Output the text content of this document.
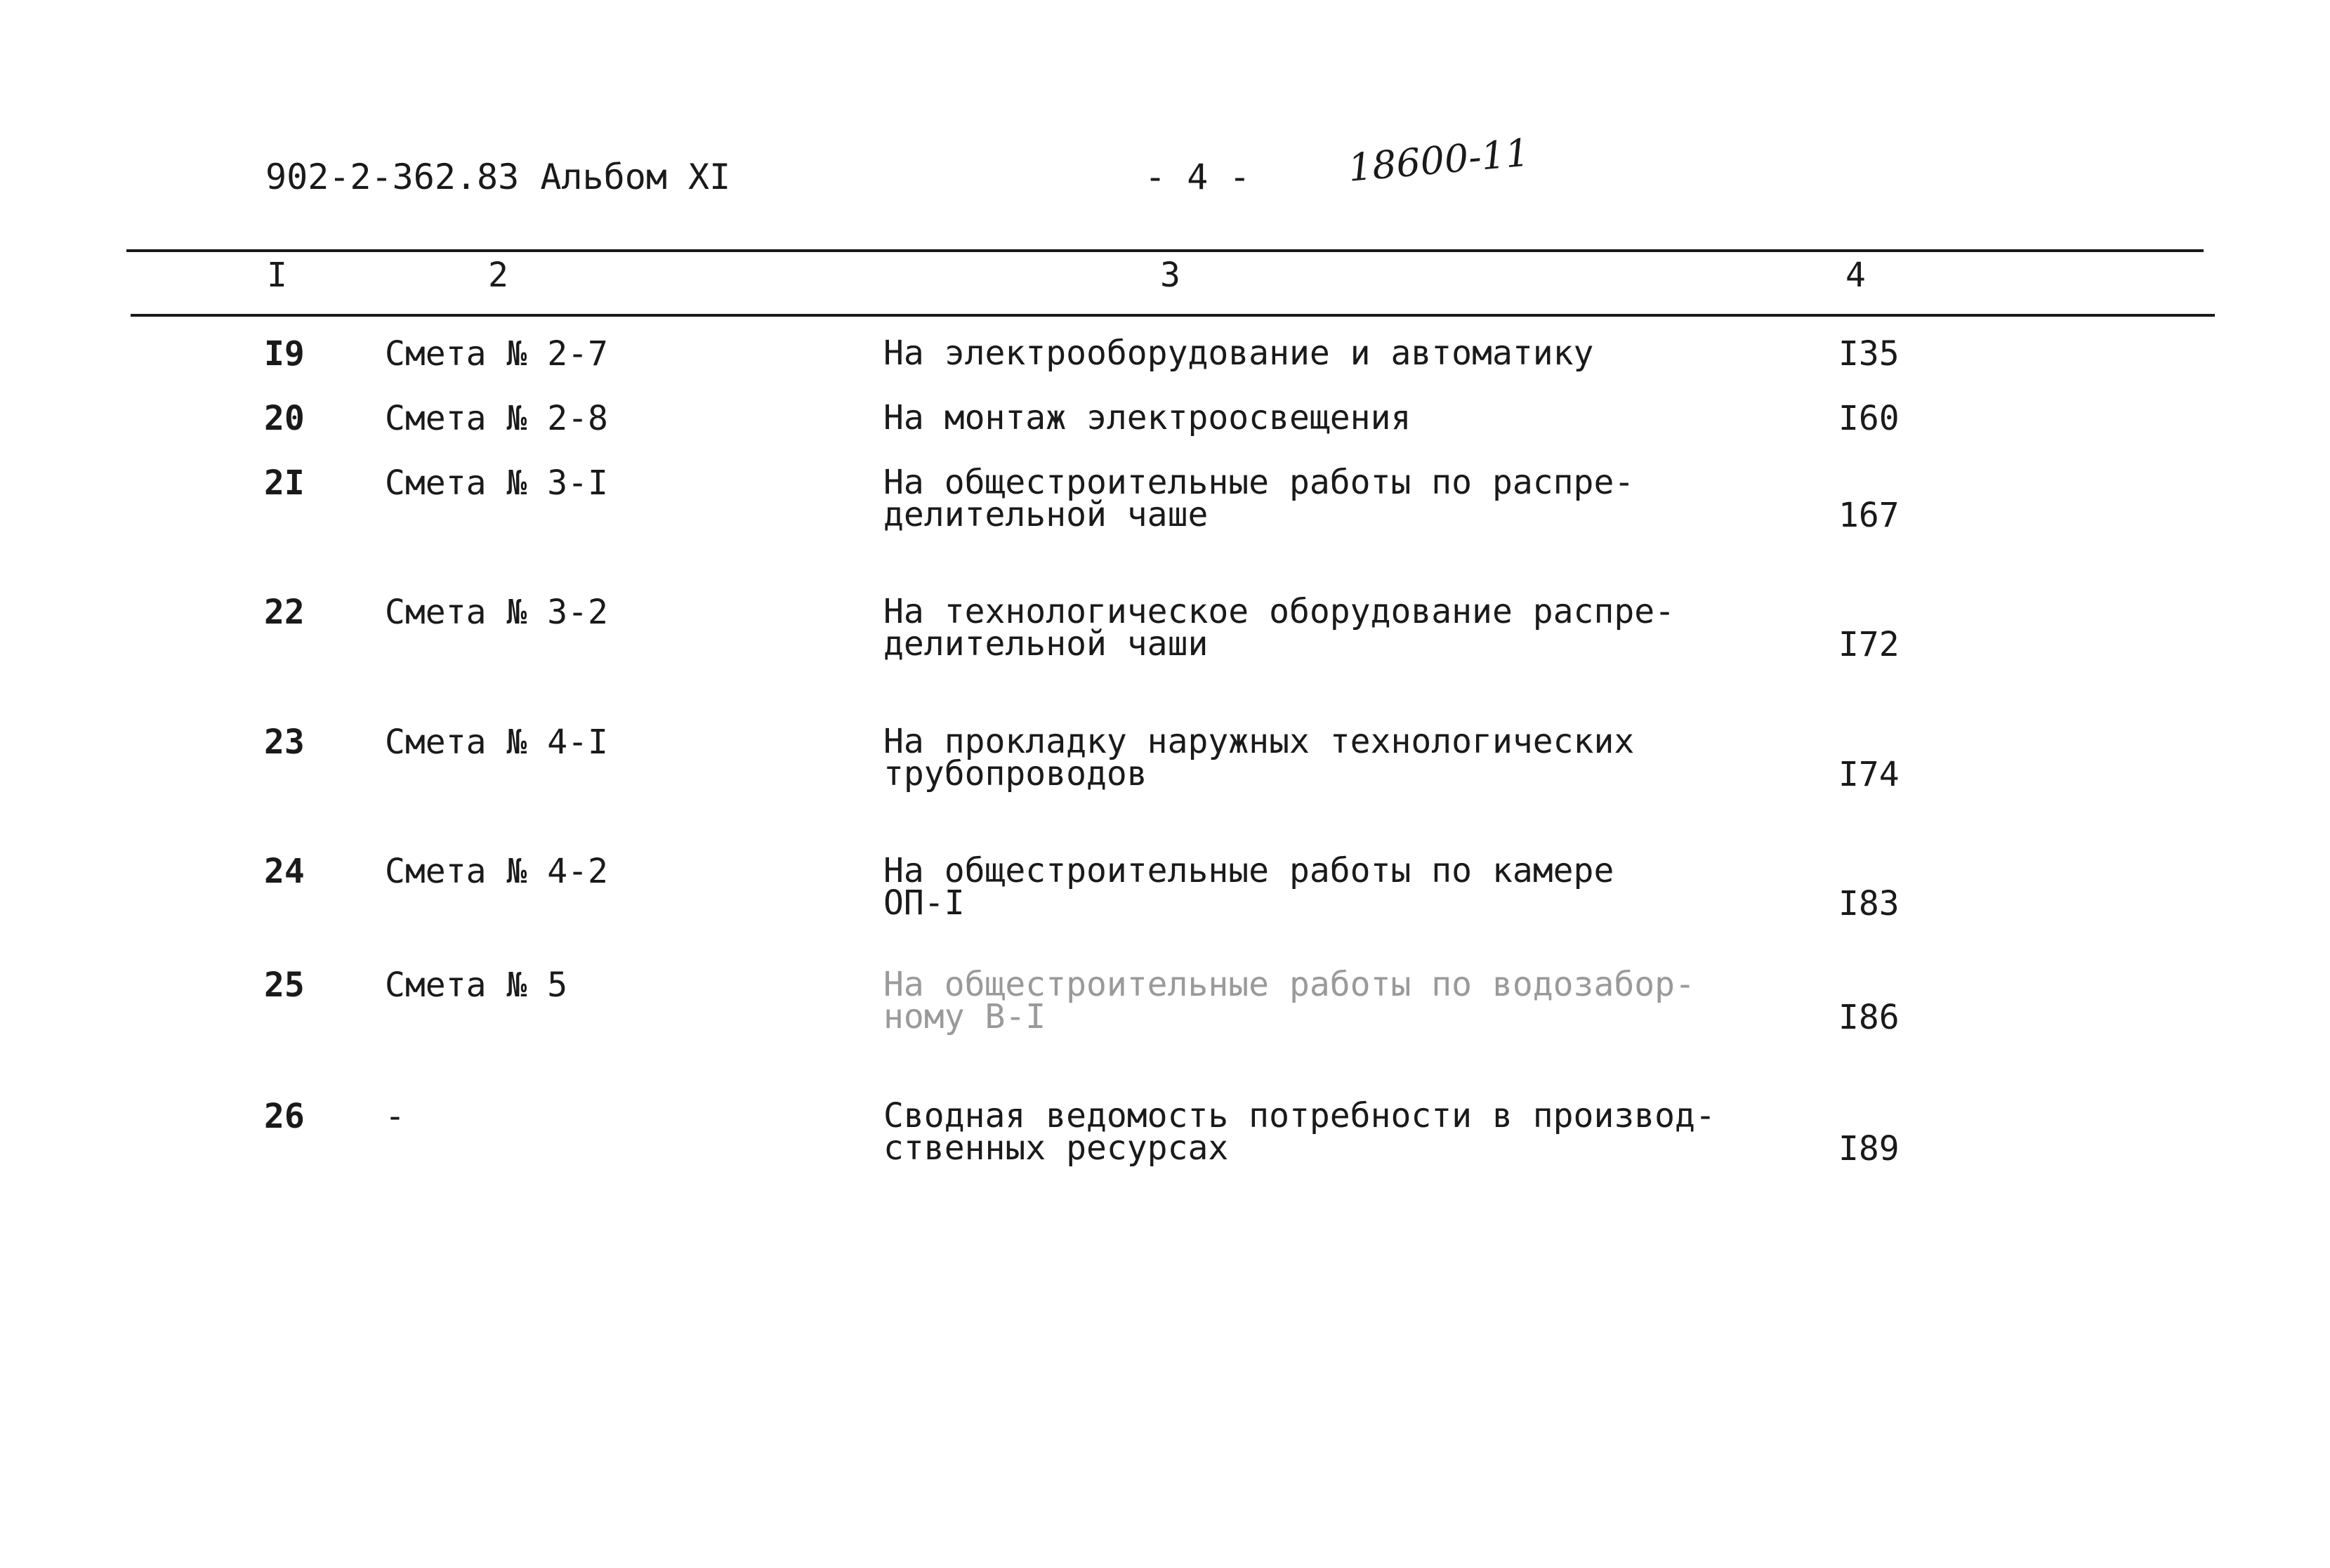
902-2-362.83 Альбом XI	- 4 -	18600-11
I	2	3	4
I9 Смета № 2-7	На электрооборудование и автоматику	I35
20 Смета № 2-8	На монтаж электроосвещения	I60
2I Смета № 3-I	На общестроительные работы по распре-
делительной чаше	167
22 Смета № 3-2	На технологическое оборудование распре-
делительной чаши	I72
23 Смета № 4-I	На прокладку наружных технологических
трубопроводов	I74
24 Смета № 4-2	На общестроительные работы по камере
ОП-I	I83
25 Смета № 5	На общестроительные работы по водозабор-
ному В-I	I86
26 -	Сводная ведомость потребности в производ-
ственных ресурсах	I89
